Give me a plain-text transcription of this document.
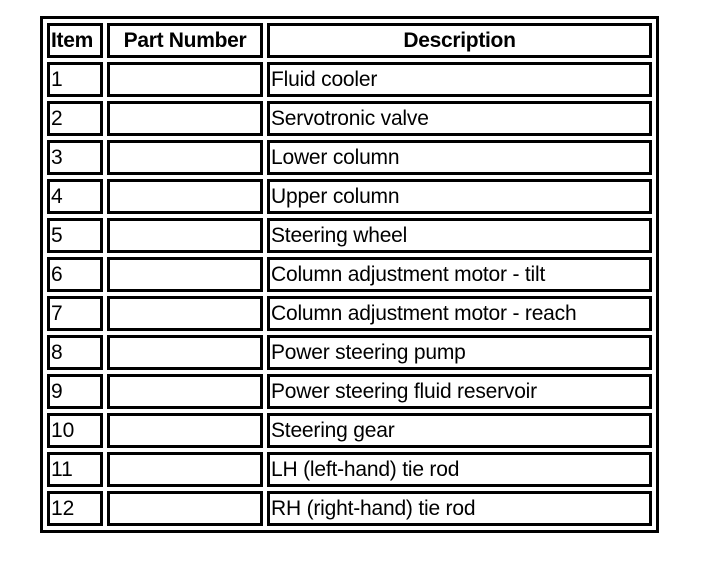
Item	Part Number	Description
1		Fluid cooler
2		Servotronic valve
3		Lower column
4		Upper column
5		Steering wheel
6		Column adjustment motor - tilt
7		Column adjustment motor - reach
8		Power steering pump
9		Power steering fluid reservoir
10		Steering gear
11		LH (left-hand) tie rod
12		RH (right-hand) tie rod
